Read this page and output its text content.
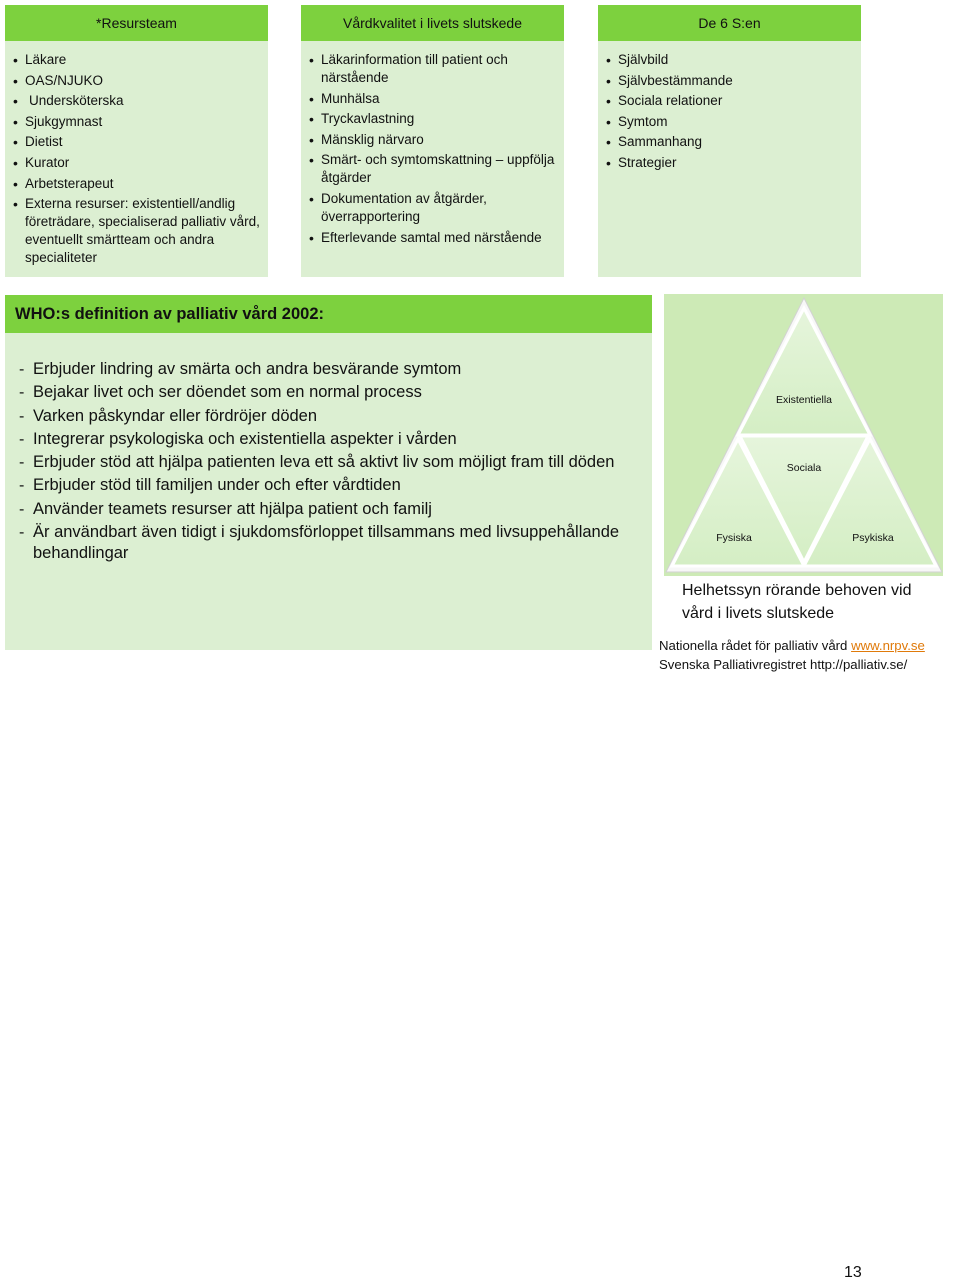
*Resursteam
• Läkare
• OAS/NJUKO
• Undersköterska
• Sjukgymnast
• Dietist
• Kurator
• Arbetsterapeut
• Externa resurser: existentiell/andlig företrädare, specialiserad palliativ vård, eventuellt smärtteam och andra specialiteter
Vårdkvalitet i livets slutskede
• Läkarinformation till patient och närstående
• Munhälsa
• Tryckavlastning
• Mänsklig närvaro
• Smärt- och symtomskattning – uppfölja åtgärder
• Dokumentation av åtgärder, överrapportering
• Efterlevande samtal med närstående
De 6 S:en
• Självbild
• Självbestämmande
• Sociala relationer
• Symtom
• Sammanhang
• Strategier
WHO:s definition av palliativ vård 2002:
- Erbjuder lindring av smärta och andra besvärande symtom
- Bejakar livet och ser döendet som en normal process
- Varken påskyndar eller fördröjer döden
- Integrerar psykologiska och existentiella aspekter i vården
- Erbjuder stöd att hjälpa patienten leva ett så aktivt liv som möjligt fram till döden
- Erbjuder stöd till familjen under och efter vårdtiden
- Använder teamets resurser att hjälpa patient och familj
- Är användbart även tidigt i sjukdomsförloppet tillsammans med livsuppehållande behandlingar
Existentiella
Sociala
Fysiska	Psykiska
Helhetssyn rörande behoven vid vård i livets slutskede
Nationella rådet för palliativ vård www.nrpv.se
Svenska Palliativregistret http://palliativ.se/
13
